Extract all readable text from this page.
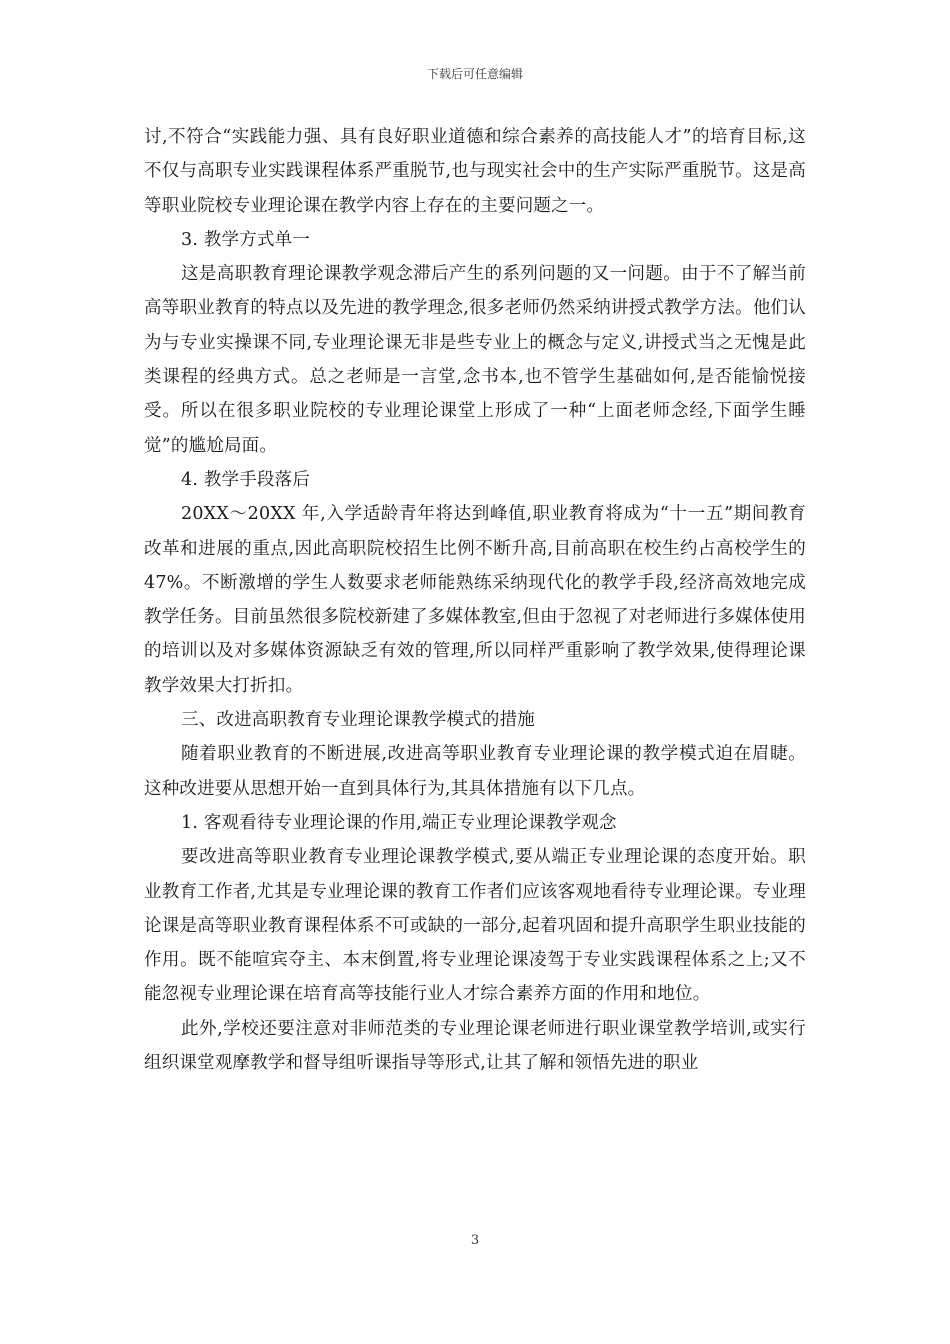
下载后可任意编辑

讨,不符合“实践能力强、具有良好职业道德和综合素养的高技能人才”的培育目标,这不仅与高职专业实践课程体系严重脱节,也与现实社会中的生产实际严重脱节。这是高等职业院校专业理论课在教学内容上存在的主要问题之一。

3. 教学方式单一

这是高职教育理论课教学观念滞后产生的系列问题的又一问题。由于不了解当前高等职业教育的特点以及先进的教学理念,很多老师仍然采纳讲授式教学方法。他们认为与专业实操课不同,专业理论课无非是些专业上的概念与定义,讲授式当之无愧是此类课程的经典方式。总之老师是一言堂,念书本,也不管学生基础如何,是否能愉悦接受。所以在很多职业院校的专业理论课堂上形成了一种“上面老师念经,下面学生睡觉”的尴尬局面。

4. 教学手段落后

20XX～20XX 年,入学适龄青年将达到峰值,职业教育将成为“十一五”期间教育改革和进展的重点,因此高职院校招生比例不断升高,目前高职在校生约占高校学生的 47%。不断激增的学生人数要求老师能熟练采纳现代化的教学手段,经济高效地完成教学任务。目前虽然很多院校新建了多媒体教室,但由于忽视了对老师进行多媒体使用的培训以及对多媒体资源缺乏有效的管理,所以同样严重影响了教学效果,使得理论课教学效果大打折扣。

三、改进高职教育专业理论课教学模式的措施

随着职业教育的不断进展,改进高等职业教育专业理论课的教学模式迫在眉睫。这种改进要从思想开始一直到具体行为,其具体措施有以下几点。

1. 客观看待专业理论课的作用,端正专业理论课教学观念

要改进高等职业教育专业理论课教学模式,要从端正专业理论课的态度开始。职业教育工作者,尤其是专业理论课的教育工作者们应该客观地看待专业理论课。专业理论课是高等职业教育课程体系不可或缺的一部分,起着巩固和提升高职学生职业技能的作用。既不能喧宾夺主、本末倒置,将专业理论课凌驾于专业实践课程体系之上;又不能忽视专业理论课在培育高等技能行业人才综合素养方面的作用和地位。

此外,学校还要注意对非师范类的专业理论课老师进行职业课堂教学培训,或实行组织课堂观摩教学和督导组听课指导等形式,让其了解和领悟先进的职业

3
